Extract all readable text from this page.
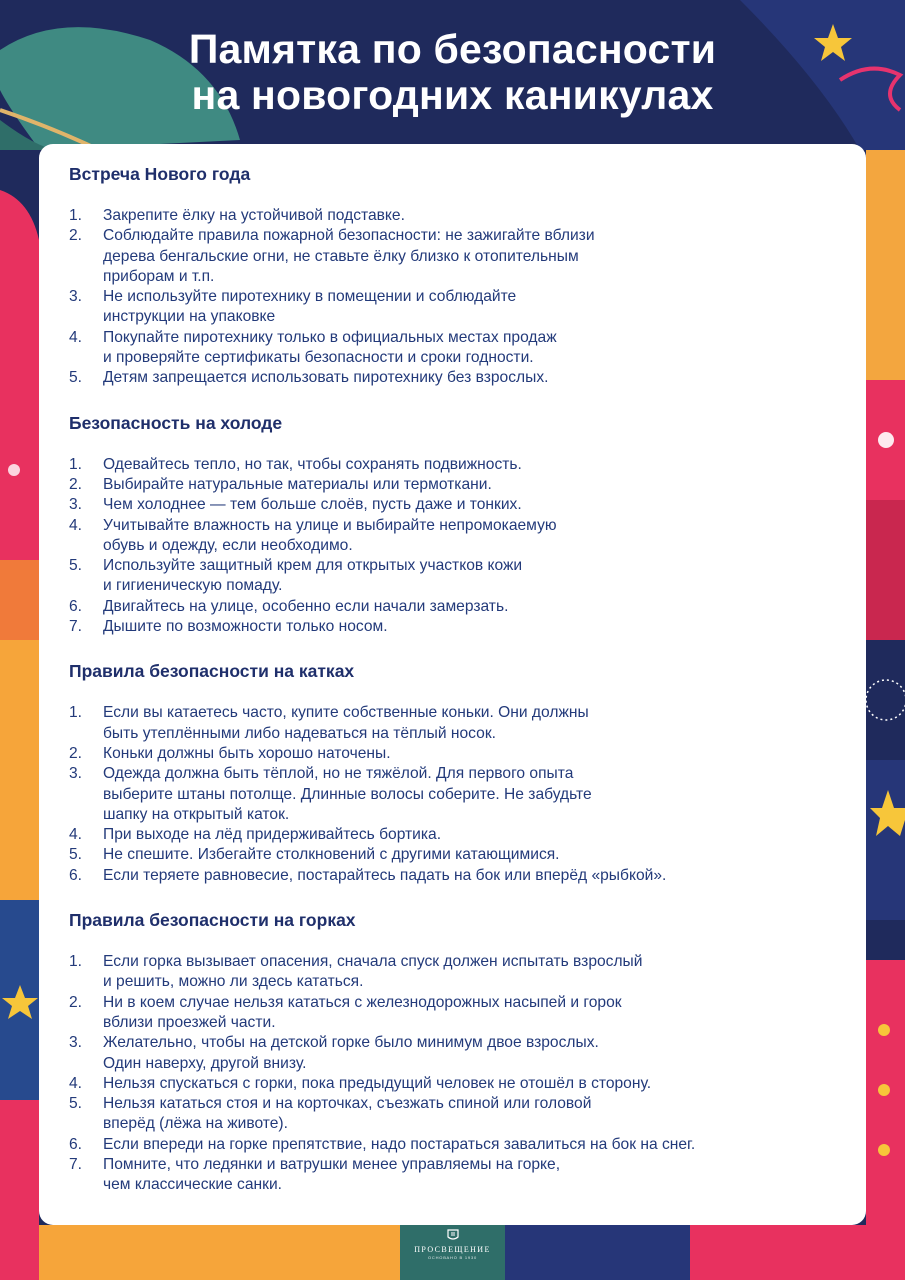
Памятка по безопасности
на новогодних каникулах
Встреча Нового года
1.	Закрепите ёлку на устойчивой подставке.
2.	Соблюдайте правила пожарной безопасности: не зажигайте вблизи
дерева бенгальские огни, не ставьте ёлку близко к отопительным
приборам и т.п.
3.	Не используйте пиротехнику в помещении и соблюдайте
инструкции на упаковке
4.	Покупайте пиротехнику только в официальных местах продаж
и проверяйте сертификаты безопасности и сроки годности.
5.	Детям запрещается использовать пиротехнику без взрослых.
Безопасность на холоде
1.	Одевайтесь тепло, но так, чтобы сохранять подвижность.
2.	Выбирайте натуральные материалы или термоткани.
3.	Чем холоднее — тем больше слоёв, пусть даже и тонких.
4.	Учитывайте влажность на улице и выбирайте непромокаемую
обувь и одежду, если необходимо.
5.	Используйте защитный крем для открытых участков кожи
и гигиеническую помаду.
6.	Двигайтесь на улице, особенно если начали замерзать.
7.	Дышите по возможности только носом.
Правила безопасности на катках
1.	Если вы катаетесь часто, купите собственные коньки. Они должны
быть утеплёнными либо надеваться на тёплый носок.
2.	Коньки должны быть хорошо наточены.
3.	Одежда должна быть тёплой, но не тяжёлой. Для первого опыта
выберите штаны потолще. Длинные волосы соберите. Не забудьте
шапку на открытый каток.
4.	При выходе на лёд придерживайтесь бортика.
5.	Не спешите. Избегайте столкновений с другими катающимися.
6.	Если теряете равновесие, постарайтесь падать на бок или вперёд «рыбкой».
Правила безопасности на горках
1.	Если горка вызывает опасения, сначала спуск должен испытать взрослый
и решить, можно ли здесь кататься.
2.	Ни в коем случае нельзя кататься с железнодорожных насыпей и горок
вблизи проезжей части.
3.	Желательно, чтобы на детской горке было минимум двое взрослых.
Один наверху, другой внизу.
4.	Нельзя спускаться с горки, пока предыдущий человек не отошёл в сторону.
5.	Нельзя кататься стоя и на корточках, съезжать спиной или головой
вперёд (лёжа на животе).
6.	Если впереди на горке препятствие, надо постараться завалиться на бок на снег.
7.	Помните, что ледянки и ватрушки менее управляемы на горке,
чем классические санки.
ПРОСВЕЩЕНИЕ
ОСНОВАНО В 1930
